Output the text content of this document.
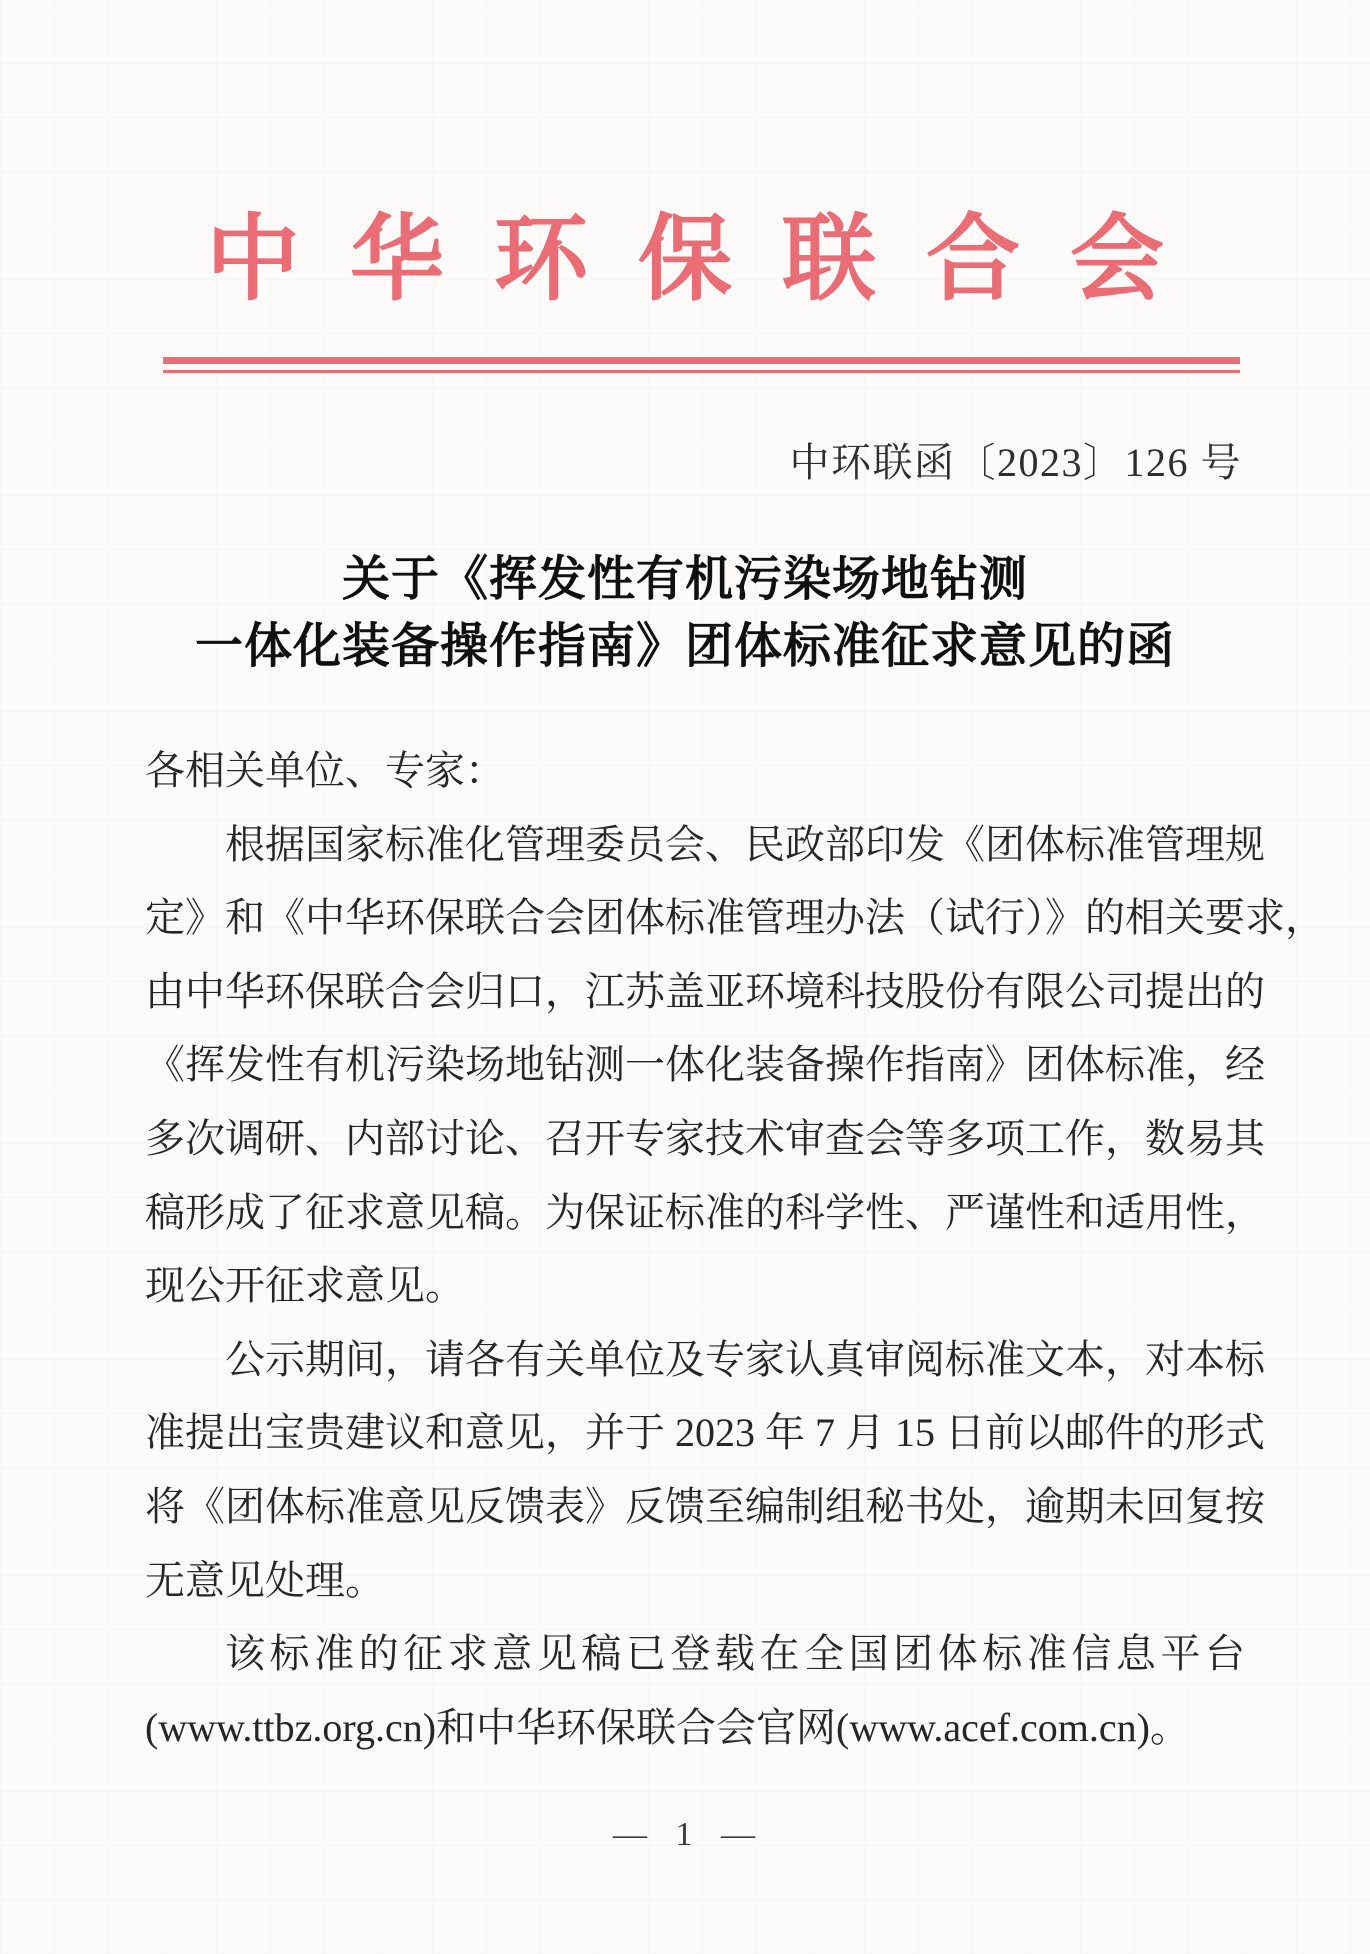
中华环保联合会
中环联函〔2023〕126 号
关于《挥发性有机污染场地钻测
一体化装备操作指南》团体标准征求意见的函
各相关单位、专家：
根据国家标准化管理委员会、民政部印发《团体标准管理规
定》和《中华环保联合会团体标准管理办法（试行）》的相关要求，
由中华环保联合会归口，江苏盖亚环境科技股份有限公司提出的
《挥发性有机污染场地钻测一体化装备操作指南》团体标准，经
多次调研、内部讨论、召开专家技术审查会等多项工作，数易其
稿形成了征求意见稿。为保证标准的科学性、严谨性和适用性，
现公开征求意见。
公示期间，请各有关单位及专家认真审阅标准文本，对本标
准提出宝贵建议和意见，并于 2023 年 7 月 15 日前以邮件的形式
将《团体标准意见反馈表》反馈至编制组秘书处，逾期未回复按
无意见处理。
该标准的征求意见稿已登载在全国团体标准信息平台
(www.ttbz.org.cn)和中华环保联合会官网(www.acef.com.cn)。
— 1 —
